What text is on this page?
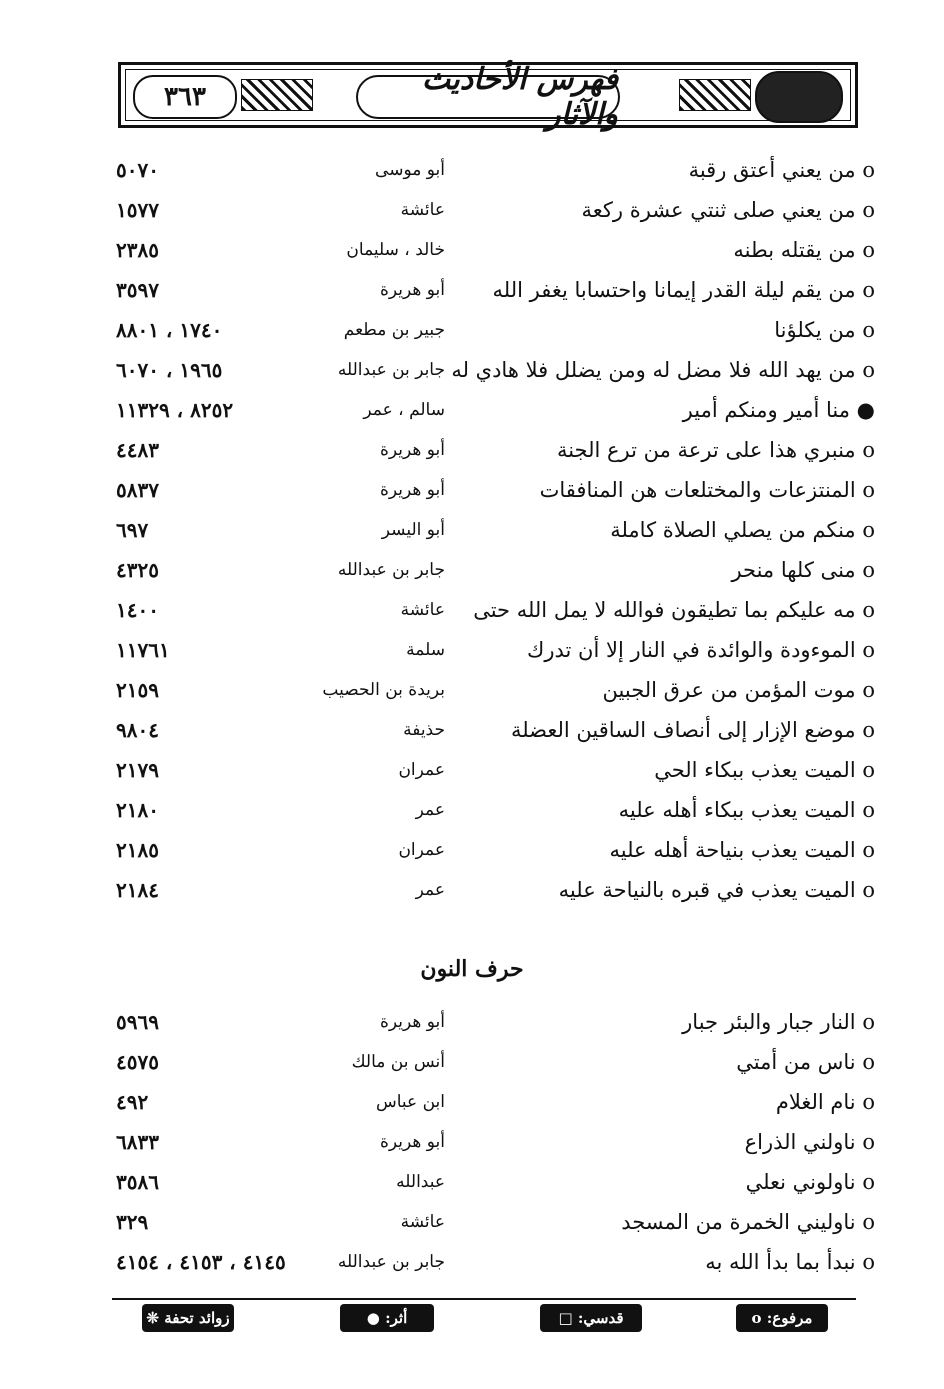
٣٦٣	فهرس الأحاديث والآثار
o من يعني أعتق رقبة
أبو موسى
٥٠٧٠
o من يعني صلى ثنتي عشرة ركعة
عائشة
١٥٧٧
o من يقتله بطنه
خالد ، سليمان
٢٣٨٥
o من يقم ليلة القدر إيمانا واحتسابا يغفر الله
أبو هريرة
٣٥٩٧
o من يكلؤنا
جبير بن مطعم
١٧٤٠ ، ٨٨٠١
o من يهد الله فلا مضل له ومن يضلل فلا هادي له
جابر بن عبدالله
١٩٦٥ ، ٦٠٧٠
● منا أمير ومنكم أمير
سالم ، عمر
٨٢٥٢ ، ١١٣٢٩
o منبري هذا على ترعة من ترع الجنة
أبو هريرة
٤٤٨٣
o المنتزعات والمختلعات هن المنافقات
أبو هريرة
٥٨٣٧
o منكم من يصلي الصلاة كاملة
أبو اليسر
٦٩٧
o منى كلها منحر
جابر بن عبدالله
٤٣٢٥
o مه عليكم بما تطيقون فوالله لا يمل الله حتى
عائشة
١٤٠٠
o الموءودة والوائدة في النار إلا أن تدرك
سلمة
١١٧٦١
o موت المؤمن من عرق الجبين
بريدة بن الحصيب
٢١٥٩
o موضع الإزار إلى أنصاف الساقين العضلة
حذيفة
٩٨٠٤
o الميت يعذب ببكاء الحي
عمران
٢١٧٩
o الميت يعذب ببكاء أهله عليه
عمر
٢١٨٠
o الميت يعذب بنياحة أهله عليه
عمران
٢١٨٥
o الميت يعذب في قبره بالنياحة عليه
عمر
٢١٨٤
حرف النون
o النار جبار والبئر جبار
أبو هريرة
٥٩٦٩
o ناس من أمتي
أنس بن مالك
٤٥٧٥
o نام الغلام
ابن عباس
٤٩٢
o ناولني الذراع
أبو هريرة
٦٨٣٣
o ناولوني نعلي
عبدالله
٣٥٨٦
o ناوليني الخمرة من المسجد
عائشة
٣٢٩
o نبدأ بما بدأ الله به
جابر بن عبدالله
٤١٤٥ ، ٤١٥٣ ، ٤١٥٤
مرفوع: o
قدسي: □
أثر: ●
زوائد تحفة ❊
